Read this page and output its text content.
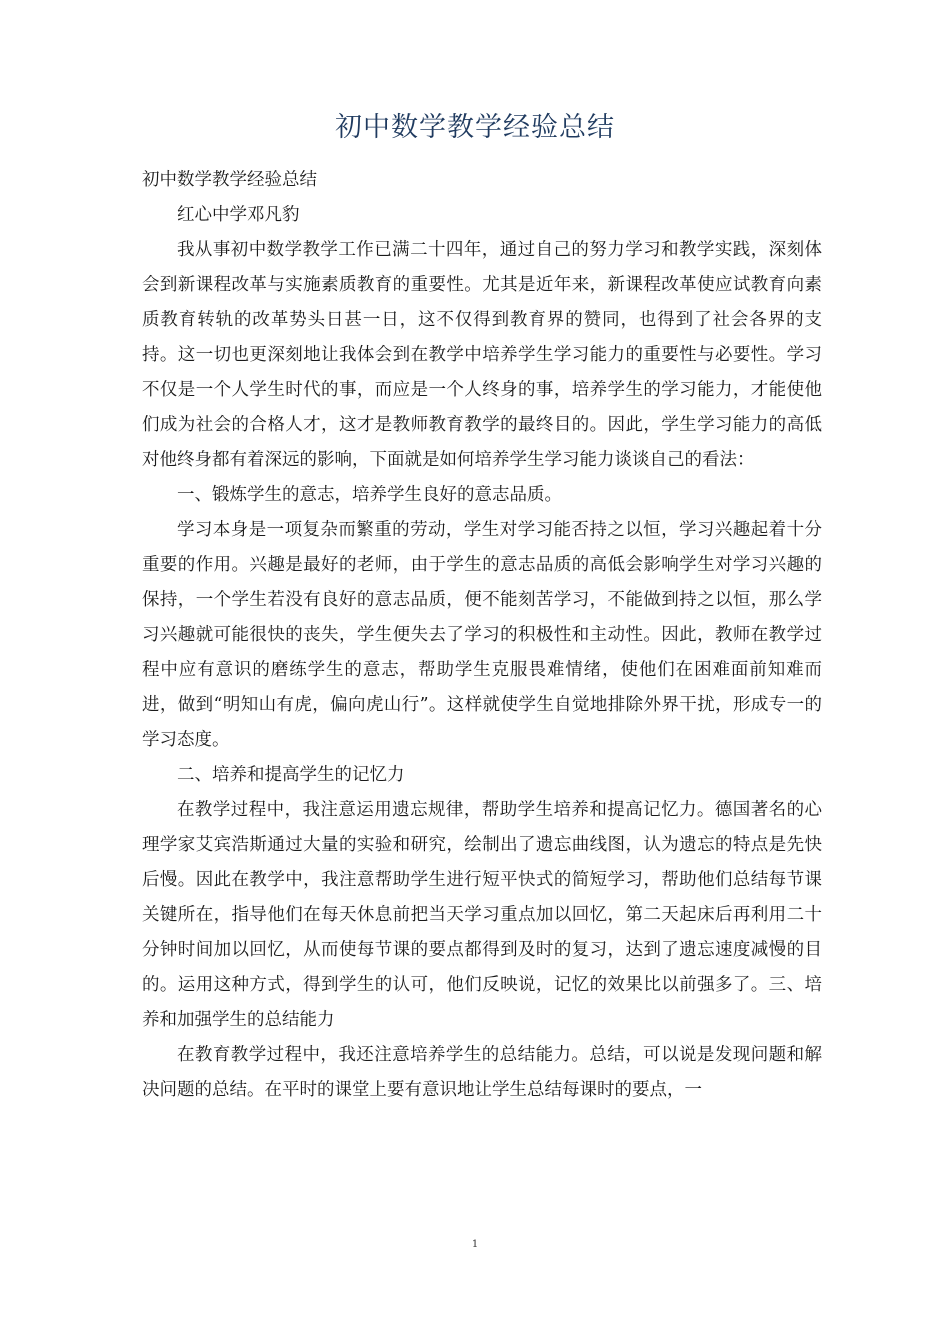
初中数学教学经验总结

初中数学教学经验总结

红心中学邓凡豹

我从事初中数学教学工作已满二十四年，通过自己的努力学习和教学实践，深刻体会到新课程改革与实施素质教育的重要性。尤其是近年来，新课程改革使应试教育向素质教育转轨的改革势头日甚一日，这不仅得到教育界的赞同，也得到了社会各界的支持。这一切也更深刻地让我体会到在教学中培养学生学习能力的重要性与必要性。学习不仅是一个人学生时代的事，而应是一个人终身的事，培养学生的学习能力，才能使他们成为社会的合格人才，这才是教师教育教学的最终目的。因此，学生学习能力的高低对他终身都有着深远的影响，下面就是如何培养学生学习能力谈谈自己的看法：

一、锻炼学生的意志，培养学生良好的意志品质。

学习本身是一项复杂而繁重的劳动，学生对学习能否持之以恒，学习兴趣起着十分重要的作用。兴趣是最好的老师，由于学生的意志品质的高低会影响学生对学习兴趣的保持，一个学生若没有良好的意志品质，便不能刻苦学习，不能做到持之以恒，那么学习兴趣就可能很快的丧失，学生便失去了学习的积极性和主动性。因此，教师在教学过程中应有意识的磨练学生的意志，帮助学生克服畏难情绪，使他们在困难面前知难而进，做到“明知山有虎，偏向虎山行”。这样就使学生自觉地排除外界干扰，形成专一的学习态度。

二、培养和提高学生的记忆力

在教学过程中，我注意运用遗忘规律，帮助学生培养和提高记忆力。德国著名的心理学家艾宾浩斯通过大量的实验和研究，绘制出了遗忘曲线图，认为遗忘的特点是先快后慢。因此在教学中，我注意帮助学生进行短平快式的简短学习，帮助他们总结每节课关键所在，指导他们在每天休息前把当天学习重点加以回忆，第二天起床后再利用二十分钟时间加以回忆，从而使每节课的要点都得到及时的复习，达到了遗忘速度减慢的目的。运用这种方式，得到学生的认可，他们反映说，记忆的效果比以前强多了。三、培养和加强学生的总结能力

在教育教学过程中，我还注意培养学生的总结能力。总结，可以说是发现问题和解决问题的总结。在平时的课堂上要有意识地让学生总结每课时的要点，一

1
